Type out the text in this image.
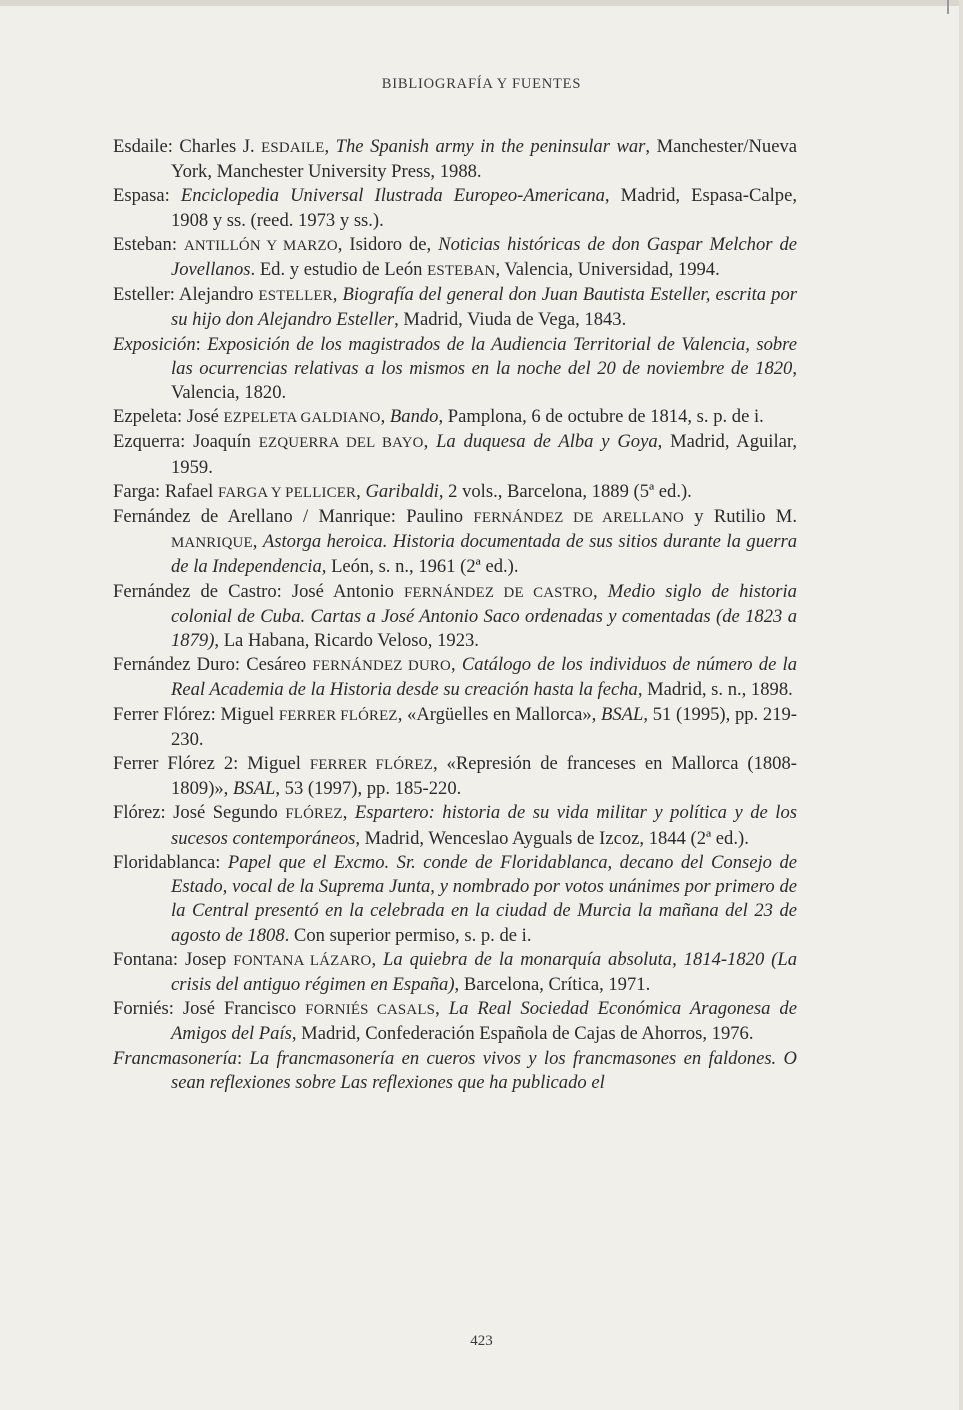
BIBLIOGRAFÍA Y FUENTES

Esdaile: Charles J. ESDAILE, The Spanish army in the peninsular war, Manchester/Nueva York, Manchester University Press, 1988.

Espasa: Enciclopedia Universal Ilustrada Europeo-Americana, Madrid, Espasa-Calpe, 1908 y ss. (reed. 1973 y ss.).

Esteban: ANTILLÓN Y MARZO, Isidoro de, Noticias históricas de don Gaspar Melchor de Jovellanos. Ed. y estudio de León ESTEBAN, Valencia, Universidad, 1994.

Esteller: Alejandro ESTELLER, Biografía del general don Juan Bautista Esteller, escrita por su hijo don Alejandro Esteller, Madrid, Viuda de Vega, 1843.

Exposición: Exposición de los magistrados de la Audiencia Territorial de Valencia, sobre las ocurrencias relativas a los mismos en la noche del 20 de noviembre de 1820, Valencia, 1820.

Ezpeleta: José EZPELETA GALDIANO, Bando, Pamplona, 6 de octubre de 1814, s. p. de i.

Ezquerra: Joaquín EZQUERRA DEL BAYO, La duquesa de Alba y Goya, Madrid, Aguilar, 1959.

Farga: Rafael FARGA Y PELLICER, Garibaldi, 2 vols., Barcelona, 1889 (5ª ed.).

Fernández de Arellano / Manrique: Paulino FERNÁNDEZ DE ARELLANO y Rutilio M. MANRIQUE, Astorga heroica. Historia documentada de sus sitios durante la guerra de la Independencia, León, s. n., 1961 (2ª ed.).

Fernández de Castro: José Antonio FERNÁNDEZ DE CASTRO, Medio siglo de historia colonial de Cuba. Cartas a José Antonio Saco ordenadas y comentadas (de 1823 a 1879), La Habana, Ricardo Veloso, 1923.

Fernández Duro: Cesáreo FERNÁNDEZ DURO, Catálogo de los individuos de número de la Real Academia de la Historia desde su creación hasta la fecha, Madrid, s. n., 1898.

Ferrer Flórez: Miguel FERRER FLÓREZ, «Argüelles en Mallorca», BSAL, 51 (1995), pp. 219-230.

Ferrer Flórez 2: Miguel FERRER FLÓREZ, «Represión de franceses en Mallorca (1808-1809)», BSAL, 53 (1997), pp. 185-220.

Flórez: José Segundo FLÓREZ, Espartero: historia de su vida militar y política y de los sucesos contemporáneos, Madrid, Wenceslao Ayguals de Izcoz, 1844 (2ª ed.).

Floridablanca: Papel que el Excmo. Sr. conde de Floridablanca, decano del Consejo de Estado, vocal de la Suprema Junta, y nombrado por votos unánimes por primero de la Central presentó en la celebrada en la ciudad de Murcia la mañana del 23 de agosto de 1808. Con superior permiso, s. p. de i.

Fontana: Josep FONTANA LÁZARO, La quiebra de la monarquía absoluta, 1814-1820 (La crisis del antiguo régimen en España), Barcelona, Crítica, 1971.

Forniés: José Francisco FORNIÉS CASALS, La Real Sociedad Económica Aragonesa de Amigos del País, Madrid, Confederación Española de Cajas de Ahorros, 1976.

Francmasonería: La francmasonería en cueros vivos y los francmasones en faldones. O sean reflexiones sobre Las reflexiones que ha publicado el

423
